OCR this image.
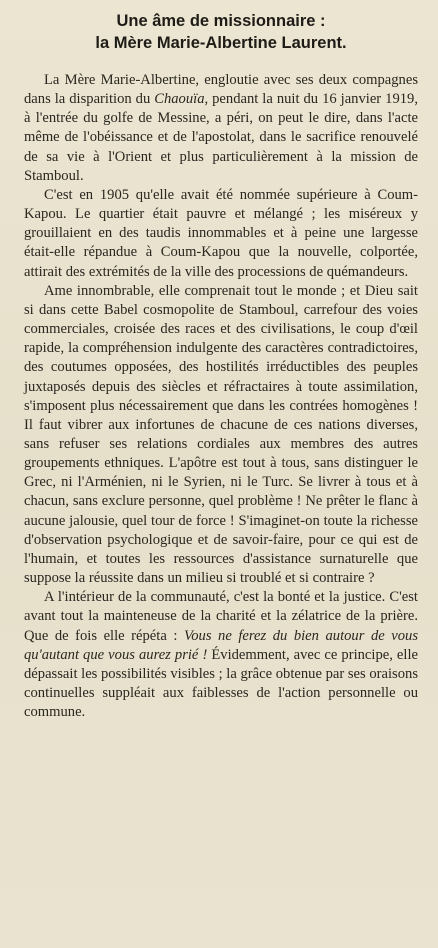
Une âme de missionnaire :
la Mère Marie-Albertine Laurent.

La Mère Marie-Albertine, engloutie avec ses deux compagnes dans la disparition du Chaouïa, pendant la nuit du 16 janvier 1919, à l'entrée du golfe de Messine, a péri, on peut le dire, dans l'acte même de l'obéissance et de l'apostolat, dans le sacrifice renouvelé de sa vie à l'Orient et plus particulièrement à la mission de Stamboul.

C'est en 1905 qu'elle avait été nommée supérieure à Coum-Kapou. Le quartier était pauvre et mélangé ; les miséreux y grouillaient en des taudis innommables et à peine une largesse était-elle répandue à Coum-Kapou que la nouvelle, colportée, attirait des extrémités de la ville des processions de quémandeurs.

Ame innombrable, elle comprenait tout le monde ; et Dieu sait si dans cette Babel cosmopolite de Stamboul, carrefour des voies commerciales, croisée des races et des civilisations, le coup d'œil rapide, la compréhension indulgente des caractères contradictoires, des coutumes opposées, des hostilités irréductibles des peuples juxtaposés depuis des siècles et réfractaires à toute assimilation, s'imposent plus nécessairement que dans les contrées homogènes ! Il faut vibrer aux infortunes de chacune de ces nations diverses, sans refuser ses relations cordiales aux membres des autres groupements ethniques. L'apôtre est tout à tous, sans distinguer le Grec, ni l'Arménien, ni le Syrien, ni le Turc. Se livrer à tous et à chacun, sans exclure personne, quel problème ! Ne prêter le flanc à aucune jalousie, quel tour de force ! S'imaginet-on toute la richesse d'observation psychologique et de savoir-faire, pour ce qui est de l'humain, et toutes les ressources d'assistance surnaturelle que suppose la réussite dans un milieu si troublé et si contraire ?

A l'intérieur de la communauté, c'est la bonté et la justice. C'est avant tout la mainteneuse de la charité et la zélatrice de la prière. Que de fois elle répéta : Vous ne ferez du bien autour de vous qu'autant que vous aurez prié ! Évidemment, avec ce principe, elle dépassait les possibilités visibles ; la grâce obtenue par ses oraisons continuelles suppléait aux faiblesses de l'action personnelle ou commune.
